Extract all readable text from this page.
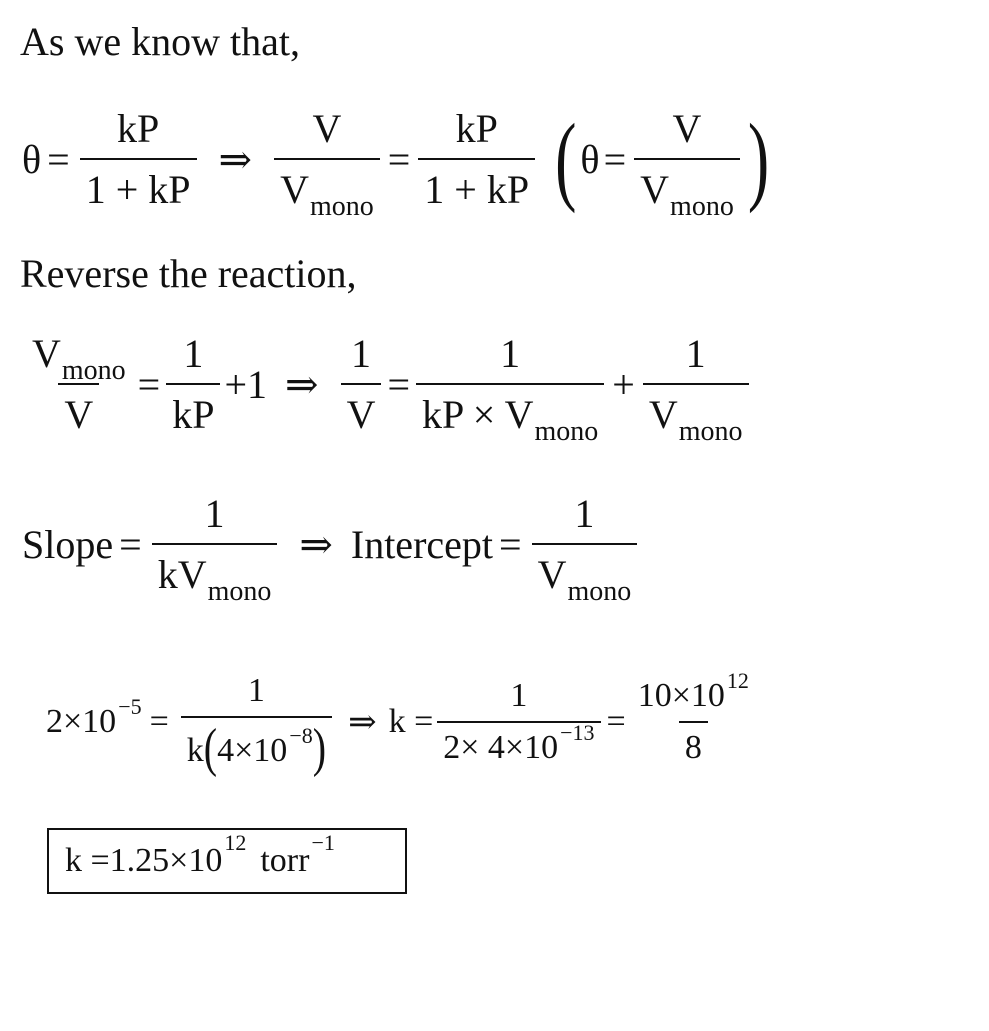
As we know that,
$\theta = \frac{kP}{1 + kP}$ ⇒ $\frac{V}{V_{mono}} = \frac{kP}{1 + kP}$ ( $\theta = \frac{V}{V_{mono}}$ )
Reverse the reaction,
$\frac{V_{mono}}{V} = \frac{1}{kP} +1$ ⇒ $\frac{1}{V} = \frac{1}{kP \times V_{mono}} + \frac{1}{V_{mono}}$
Slope = $\frac{1}{kV_{mono}}$ ⇒ Intercept = $\frac{1}{V_{mono}}$
$2\times 10^{-5} = \frac{1}{k(4\times 10^{-8})}$ ⇒ $k = \frac{1}{2\times 4\times 10^{-13}} = \frac{10\times 10^{12}}{8}$
k =1.25×10 12 torr −1
